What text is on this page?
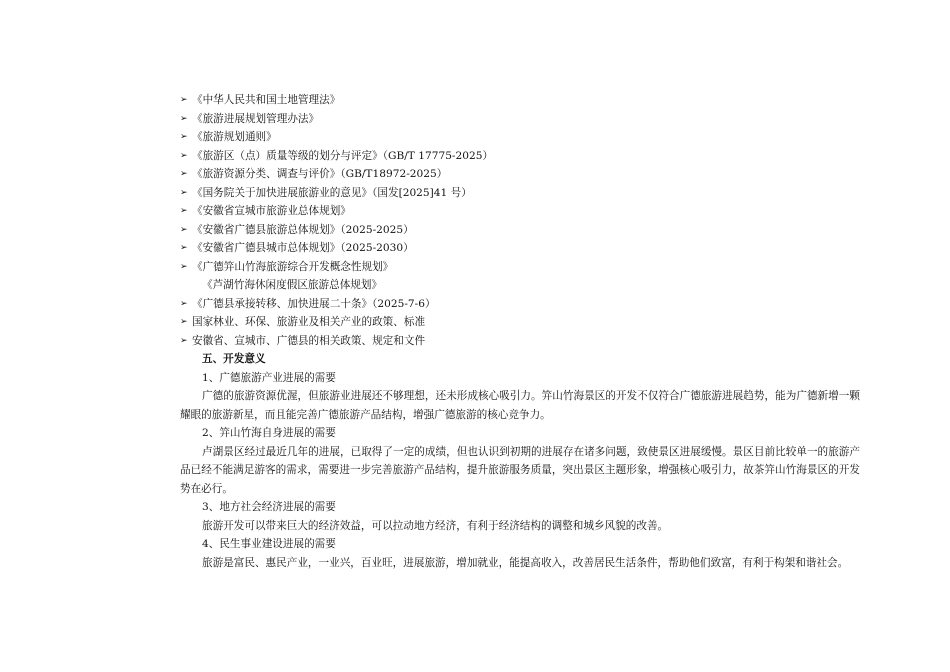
➢ 《中华人民共和国土地管理法》
➢ 《旅游进展规划管理办法》
➢ 《旅游规划通则》
➢ 《旅游区（点）质量等级的划分与评定》（GB/T 17775-2025）
➢ 《旅游资源分类、调查与评价》（GB/T18972-2025）
➢ 《国务院关于加快进展旅游业的意见》（国发[2025]41 号）
➢ 《安徽省宣城市旅游业总体规划》
➢ 《安徽省广德县旅游总体规划》（2025-2025）
➢ 《安徽省广德县城市总体规划》（2025-2030）
➢ 《广德笄山竹海旅游综合开发概念性规划》
《芦湖竹海休闲度假区旅游总体规划》
➢ 《广德县承接转移、加快进展二十条》（2025-7-6）
➢ 国家林业、环保、旅游业及相关产业的政策、标准
➢ 安徽省、宣城市、广德县的相关政策、规定和文件
五、开发意义
1、广德旅游产业进展的需要

广德的旅游资源优渥，但旅游业进展还不够理想，还未形成核心吸引力。笄山竹海景区的开发不仅符合广德旅游进展趋势，能为广德新增一颗耀眼的旅游新星，而且能完善广德旅游产品结构，增强广德旅游的核心竞争力。

2、笄山竹海自身进展的需要

卢湖景区经过最近几年的进展，已取得了一定的成绩，但也认识到初期的进展存在诸多问题，致使景区进展缓慢。景区目前比较单一的旅游产品已经不能满足游客的需求，需要进一步完善旅游产品结构，提升旅游服务质量，突出景区主题形象，增强核心吸引力，故茶笄山竹海景区的开发势在必行。

3、地方社会经济进展的需要

旅游开发可以带来巨大的经济效益，可以拉动地方经济，有利于经济结构的调整和城乡风貌的改善。

4、民生事业建设进展的需要

旅游是富民、惠民产业，一业兴，百业旺，进展旅游，增加就业，能提高收入，改善居民生活条件，帮助他们致富，有利于构架和谐社会。
